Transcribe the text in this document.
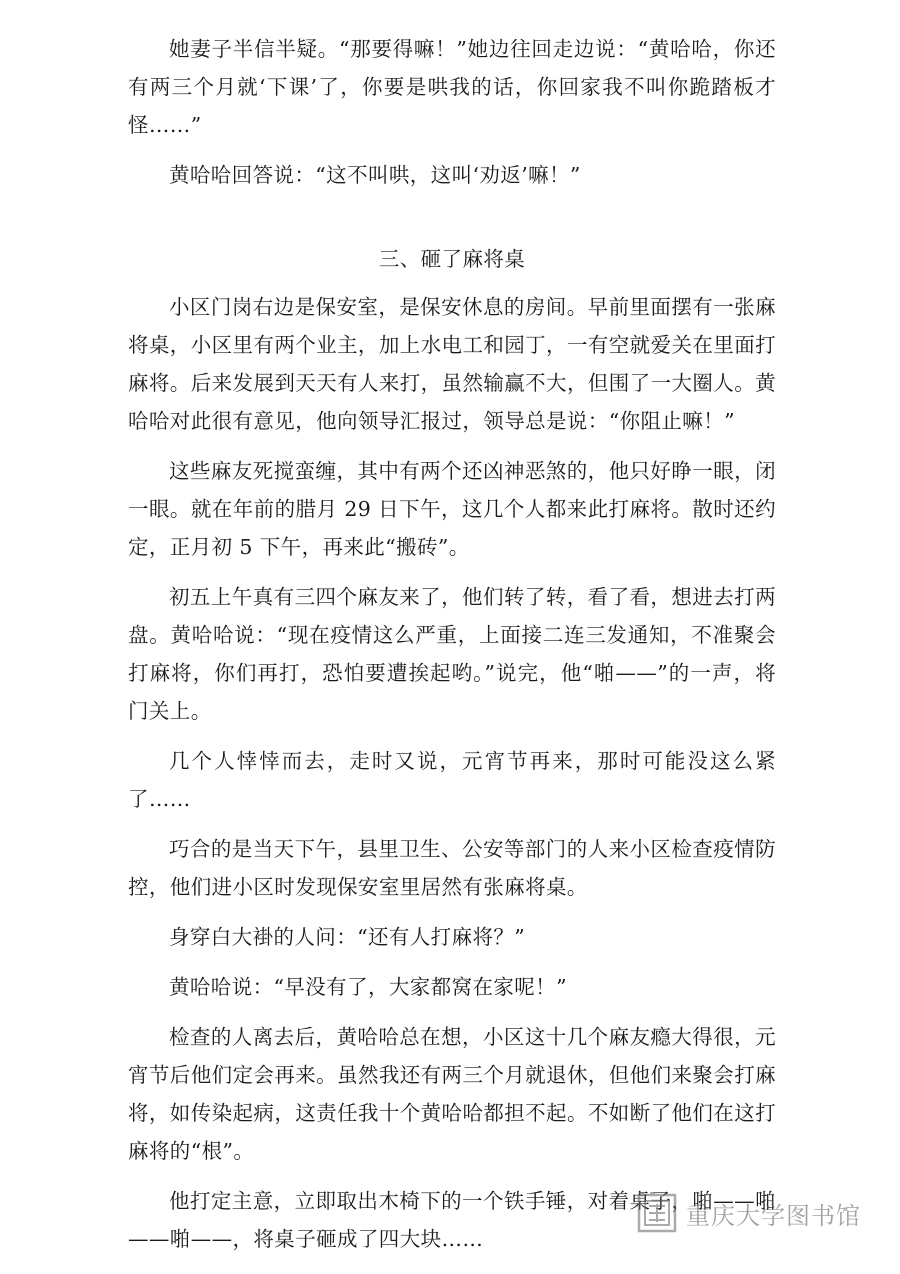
她妻子半信半疑。“那要得嘛！”她边往回走边说：“黄哈哈，你还有两三个月就‘下课’了，你要是哄我的话，你回家我不叫你跪踏板才怪……”

黄哈哈回答说：“这不叫哄，这叫‘劝返’嘛！”

三、砸了麻将桌

小区门岗右边是保安室，是保安休息的房间。早前里面摆有一张麻将桌，小区里有两个业主，加上水电工和园丁，一有空就爱关在里面打麻将。后来发展到天天有人来打，虽然输赢不大，但围了一大圈人。黄哈哈对此很有意见，他向领导汇报过，领导总是说：“你阻止嘛！”

这些麻友死搅蛮缠，其中有两个还凶神恶煞的，他只好睁一眼，闭一眼。就在年前的腊月 29 日下午，这几个人都来此打麻将。散时还约定，正月初 5 下午，再来此“搬砖”。

初五上午真有三四个麻友来了，他们转了转，看了看，想进去打两盘。黄哈哈说：“现在疫情这么严重，上面接二连三发通知，不准聚会打麻将，你们再打，恐怕要遭挨起哟。”说完，他“啪——”的一声，将门关上。

几个人悻悻而去，走时又说，元宵节再来，那时可能没这么紧了……

巧合的是当天下午，县里卫生、公安等部门的人来小区检查疫情防控，他们进小区时发现保安室里居然有张麻将桌。

身穿白大褂的人问：“还有人打麻将？”

黄哈哈说：“早没有了，大家都窝在家呢！”

检查的人离去后，黄哈哈总在想，小区这十几个麻友瘾大得很，元宵节后他们定会再来。虽然我还有两三个月就退休，但他们来聚会打麻将，如传染起病，这责任我十个黄哈哈都担不起。不如断了他们在这打麻将的“根”。

他打定主意，立即取出木椅下的一个铁手锤，对着桌子，啪——啪——啪——，将桌子砸成了四大块……

重庆大学图书馆
